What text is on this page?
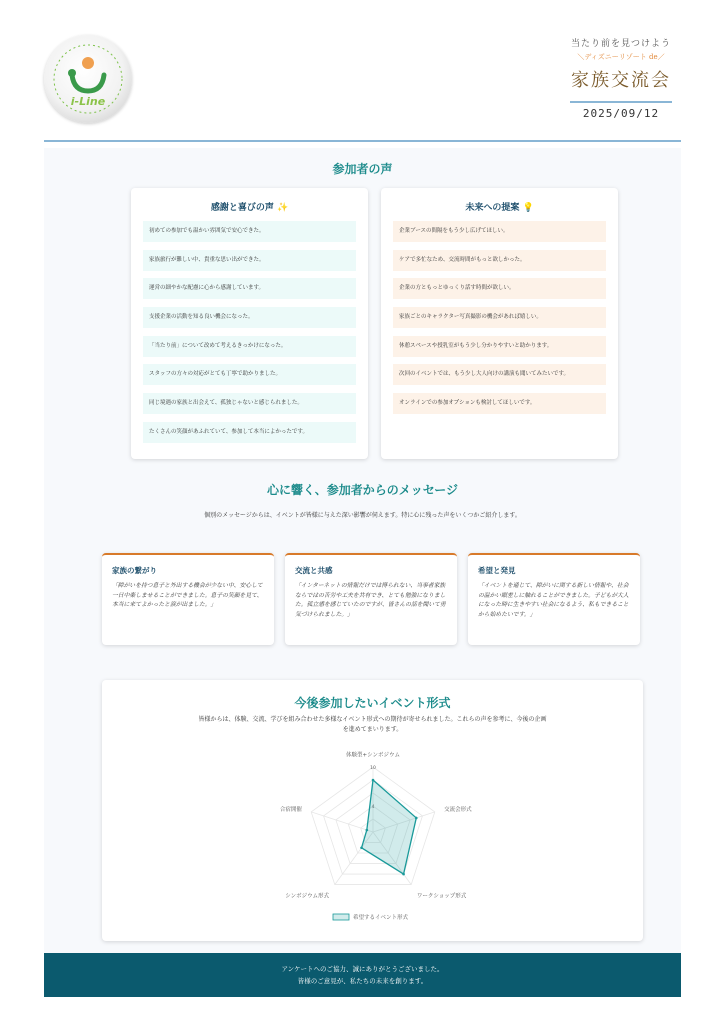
i-Line
当たり前を見つけよう
＼ディズニーリゾート de／
家族交流会
2025/09/12
参加者の声
感謝と喜びの声 ✨
初めての参加でも温かい雰囲気で安心できた。
家族旅行が難しい中、貴重な思い出ができた。
運営の細やかな配慮に心から感謝しています。
支援企業の活動を知る良い機会になった。
「当たり前」について改めて考えるきっかけになった。
スタッフの方々の対応がとても丁寧で助かりました。
同じ境遇の家族と出会えて、孤独じゃないと感じられました。
たくさんの笑顔があふれていて、参加して本当によかったです。
未来への提案 💡
企業ブースの間隔をもう少し広げてほしい。
ケアで多忙なため、交流時間がもっと欲しかった。
企業の方ともっとゆっくり話す時間が欲しい。
家族ごとのキャラクター写真撮影の機会があれば嬉しい。
休憩スペースや授乳室がもう少し分かりやすいと助かります。
次回のイベントでは、もう少し大人向けの講演も聞いてみたいです。
オンラインでの参加オプションも検討してほしいです。
心に響く、参加者からのメッセージ
個別のメッセージからは、イベントが皆様に与えた深い影響が伺えます。特に心に残った声をいくつかご紹介します。
家族の繋がり

「障がいを持つ息子と外出する機会が少ない中、安心して一日中楽しませることができました。息子の笑顔を見て、本当に来てよかったと涙が出ました。」

交流と共感

「インターネットの情報だけでは得られない、当事者家族ならではの苦労や工夫を共有でき、とても勉強になりました。孤立感を感じていたのですが、皆さんの話を聞いて勇気づけられました。」

希望と発見

「イベントを通じて、障がいに関する新しい情報や、社会の温かい眼差しに触れることができました。子どもが大人になった時に生きやすい社会になるよう、私もできることから始めたいです。」

今後参加したいイベント形式
皆様からは、体験、交流、学びを組み合わせた多様なイベント形式への期待が寄せられました。これらの声を参考に、今後の企画を進めてまいります。
10
体験型+シンポジウム
交流会形式
ワークショップ形式
シンポジウム形式
合宿開催
希望するイベント形式
アンケートへのご協力、誠にありがとうございました。
皆様のご意見が、私たちの未来を創ります。
